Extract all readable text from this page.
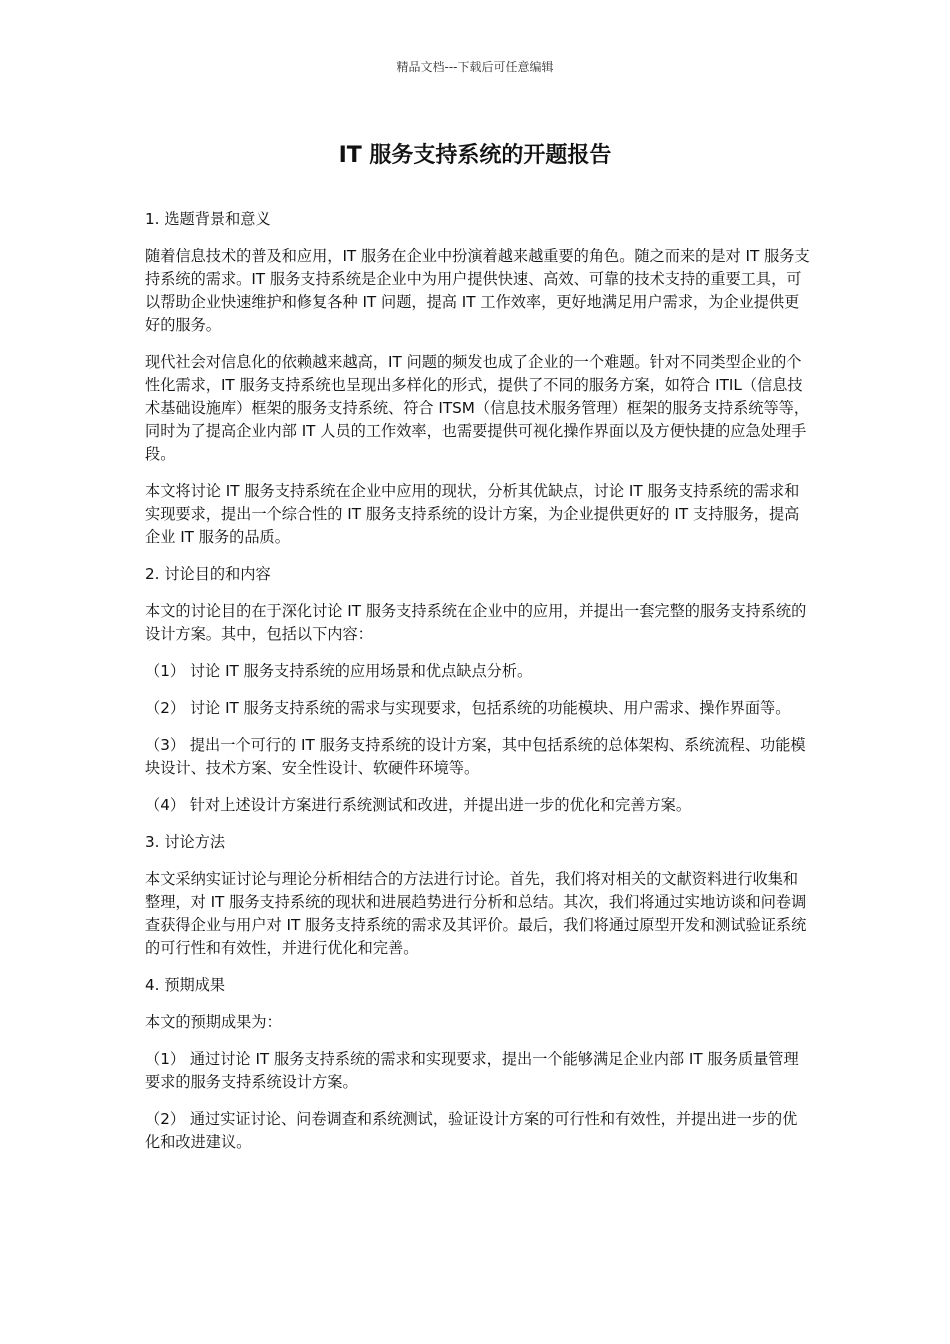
精品文档---下载后可任意编辑
IT 服务支持系统的开题报告

1. 选题背景和意义

随着信息技术的普及和应用，IT 服务在企业中扮演着越来越重要的角色。随之而来的是对 IT 服务支持系统的需求。IT 服务支持系统是企业中为用户提供快速、高效、可靠的技术支持的重要工具，可以帮助企业快速维护和修复各种 IT 问题，提高 IT 工作效率，更好地满足用户需求，为企业提供更好的服务。

现代社会对信息化的依赖越来越高，IT 问题的频发也成了企业的一个难题。针对不同类型企业的个性化需求，IT 服务支持系统也呈现出多样化的形式，提供了不同的服务方案，如符合 ITIL（信息技术基础设施库）框架的服务支持系统、符合 ITSM（信息技术服务管理）框架的服务支持系统等等，同时为了提高企业内部 IT 人员的工作效率，也需要提供可视化操作界面以及方便快捷的应急处理手段。

本文将讨论 IT 服务支持系统在企业中应用的现状，分析其优缺点，讨论 IT 服务支持系统的需求和实现要求，提出一个综合性的 IT 服务支持系统的设计方案，为企业提供更好的 IT 支持服务，提高企业 IT 服务的品质。

2. 讨论目的和内容

本文的讨论目的在于深化讨论 IT 服务支持系统在企业中的应用，并提出一套完整的服务支持系统的设计方案。其中，包括以下内容：

（1） 讨论 IT 服务支持系统的应用场景和优点缺点分析。

（2） 讨论 IT 服务支持系统的需求与实现要求，包括系统的功能模块、用户需求、操作界面等。

（3） 提出一个可行的 IT 服务支持系统的设计方案，其中包括系统的总体架构、系统流程、功能模块设计、技术方案、安全性设计、软硬件环境等。

（4） 针对上述设计方案进行系统测试和改进，并提出进一步的优化和完善方案。

3. 讨论方法

本文采纳实证讨论与理论分析相结合的方法进行讨论。首先，我们将对相关的文献资料进行收集和整理，对 IT 服务支持系统的现状和进展趋势进行分析和总结。其次，我们将通过实地访谈和问卷调查获得企业与用户对 IT 服务支持系统的需求及其评价。最后，我们将通过原型开发和测试验证系统的可行性和有效性，并进行优化和完善。

4. 预期成果

本文的预期成果为：

（1） 通过讨论 IT 服务支持系统的需求和实现要求，提出一个能够满足企业内部 IT 服务质量管理要求的服务支持系统设计方案。

（2） 通过实证讨论、问卷调查和系统测试，验证设计方案的可行性和有效性，并提出进一步的优化和改进建议。
